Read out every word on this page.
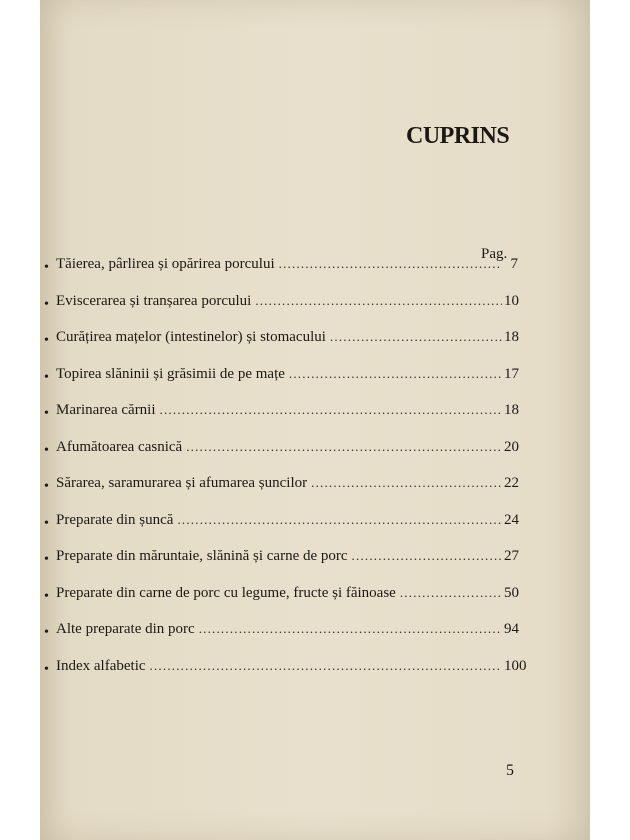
CUPRINS
Pag.
• Tăierea, pârlirea și opărirea porcului .....	7
• Eviscerarea și tranșarea porcului .....	10
• Curățirea mațelor (intestinelor) și stomacului .....	18
• Topirea slăninii și grăsimii de pe mațe .....	17
• Marinarea cărnii .....	18
• Afumătoarea casnică .....	20
• Sărarea, saramurarea și afumarea șuncilor .....	22
• Preparate din șuncă .....	24
• Preparate din măruntaie, slănină și carne de porc .....	27
• Preparate din carne de porc cu legume, fructe și făinoase .....	50
• Alte preparate din porc .....	94
• Index alfabetic .....	100
5
